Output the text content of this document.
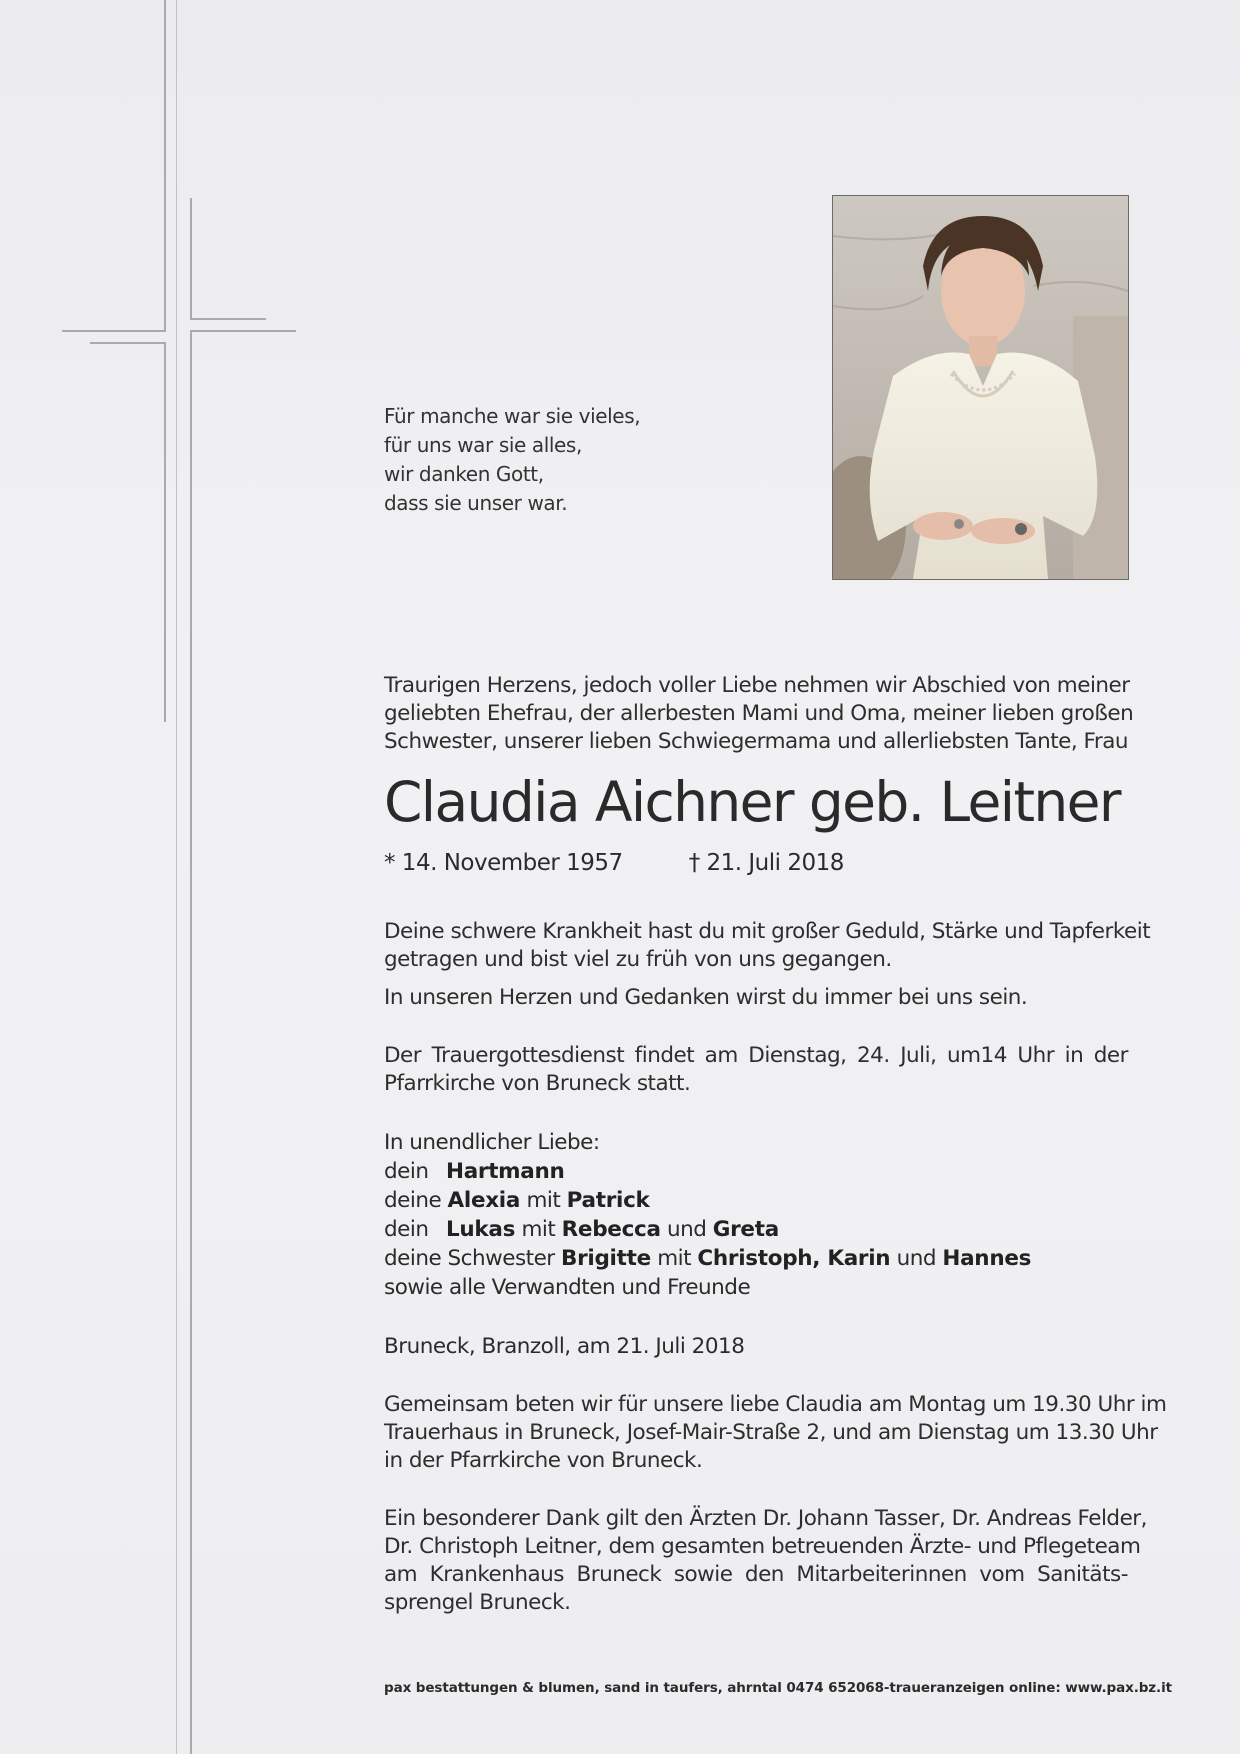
Für manche war sie vieles,
für uns war sie alles,
wir danken Gott,
dass sie unser war.
Traurigen Herzens, jedoch voller Liebe nehmen wir Abschied von meiner
geliebten Ehefrau, der allerbesten Mami und Oma, meiner lieben großen
Schwester, unserer lieben Schwiegermama und allerliebsten Tante, Frau
Claudia Aichner geb. Leitner
* 14. November 1957	† 21. Juli 2018
Deine schwere Krankheit hast du mit großer Geduld, Stärke und Tapferkeit
getragen und bist viel zu früh von uns gegangen.
In unseren Herzen und Gedanken wirst du immer bei uns sein.
Der Trauergottesdienst findet am Dienstag, 24. Juli, um14 Uhr in der
Pfarrkirche von Bruneck statt.
In unendlicher Liebe:
dein Hartmann
deine Alexia mit Patrick
dein Lukas mit Rebecca und Greta
deine Schwester Brigitte mit Christoph, Karin und Hannes
sowie alle Verwandten und Freunde
Bruneck, Branzoll, am 21. Juli 2018
Gemeinsam beten wir für unsere liebe Claudia am Montag um 19.30 Uhr im
Trauerhaus in Bruneck, Josef-Mair-Straße 2, und am Dienstag um 13.30 Uhr
in der Pfarrkirche von Bruneck.
Ein besonderer Dank gilt den Ärzten Dr. Johann Tasser, Dr. Andreas Felder,
Dr. Christoph Leitner, dem gesamten betreuenden Ärzte- und Pflegeteam
am Krankenhaus Bruneck sowie den Mitarbeiterinnen vom Sanitäts-
sprengel Bruneck.
pax bestattungen & blumen, sand in taufers, ahrntal 0474 652068-traueranzeigen online: www.pax.bz.it
